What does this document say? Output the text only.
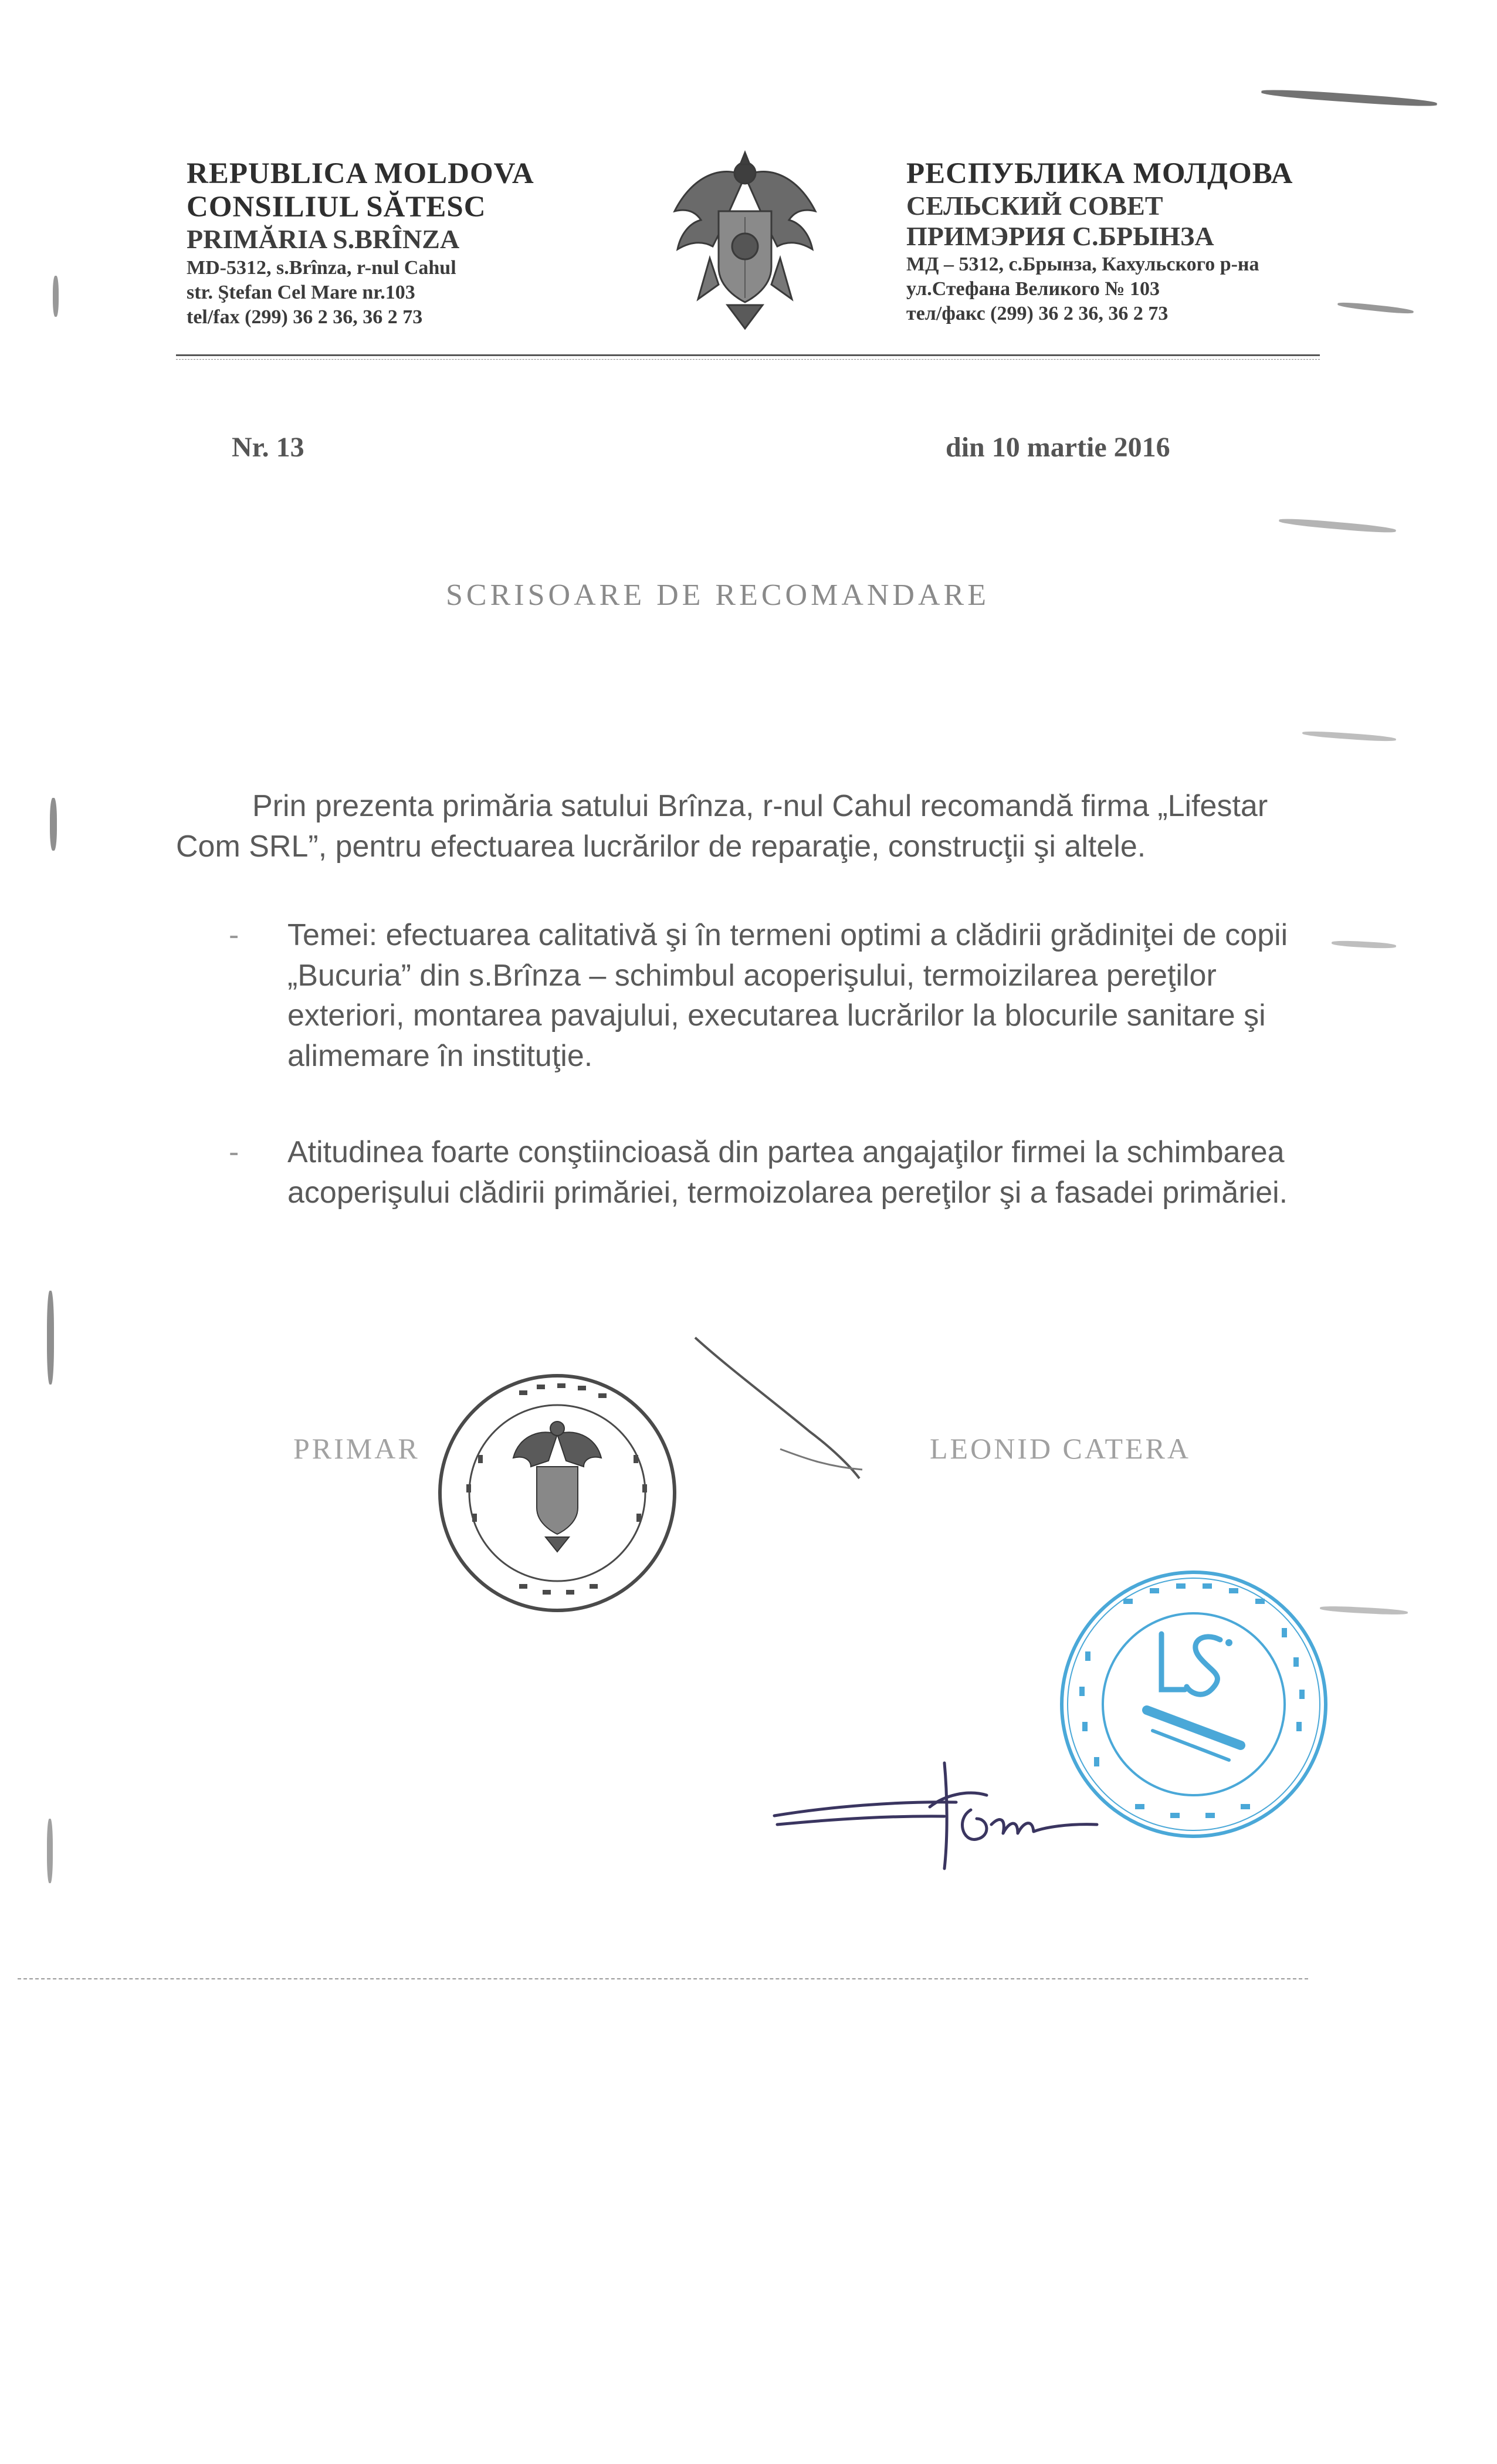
REPUBLICA MOLDOVA
CONSILIUL SĂTESC
PRIMĂRIA S.BRÎNZA
MD-5312, s.Brînza, r-nul Cahul
str. Ştefan Cel Mare nr.103
tel/fax (299) 36 2 36, 36 2 73
РЕСПУБЛИКА МОЛДОВА
СЕЛЬСКИЙ СОВЕТ
ПРИМЭРИЯ С.БРЫНЗА
МД – 5312, с.Брынза, Кахульского р-на
ул.Стефана Великого № 103
тел/факс (299) 36 2 36, 36 2 73
Nr. 13	din 10 martie 2016
SCRISOARE DE RECOMANDARE
Prin prezenta primăria satului Brînza, r-nul Cahul recomandă firma „Lifestar Com SRL”, pentru efectuarea lucrărilor de reparaţie, construcţii şi altele.
-	Temei: efectuarea calitativă şi în termeni optimi a clădirii grădiniţei de copii „Bucuria” din s.Brînza – schimbul acoperişului, termoizilarea pereţilor exteriori, montarea pavajului, executarea lucrărilor la blocurile sanitare şi alimemare în instituţie.
-	Atitudinea foarte conştiincioasă din partea angajaţilor firmei la schimbarea acoperişului clădirii primăriei, termoizolarea pereţilor şi a fasadei primăriei.
PRIMAR	LEONID CATERA
